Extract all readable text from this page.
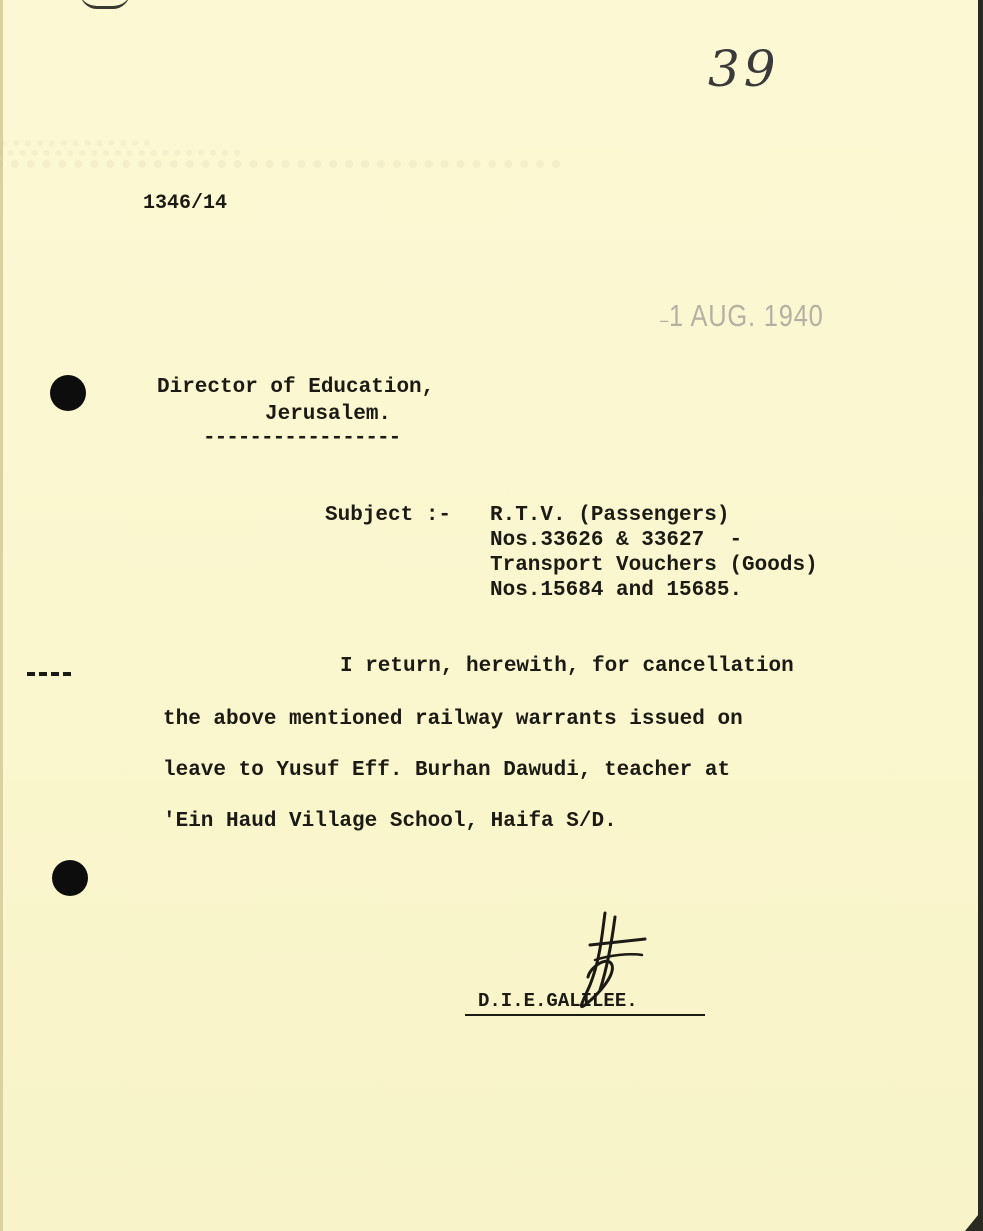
39
1346/14
–1 AUG. 1940
Director of Education,
Jerusalem.
-----------------
Subject :- R.T.V. (Passengers)
Nos.33626 & 33627  -
Transport Vouchers (Goods)
Nos.15684 and 15685.
I return, herewith, for cancellation
the above mentioned railway warrants issued on
leave to Yusuf Eff. Burhan Dawudi, teacher at
'Ein Haud Village School, Haifa S/D.
D.I.E.GALILEE.
